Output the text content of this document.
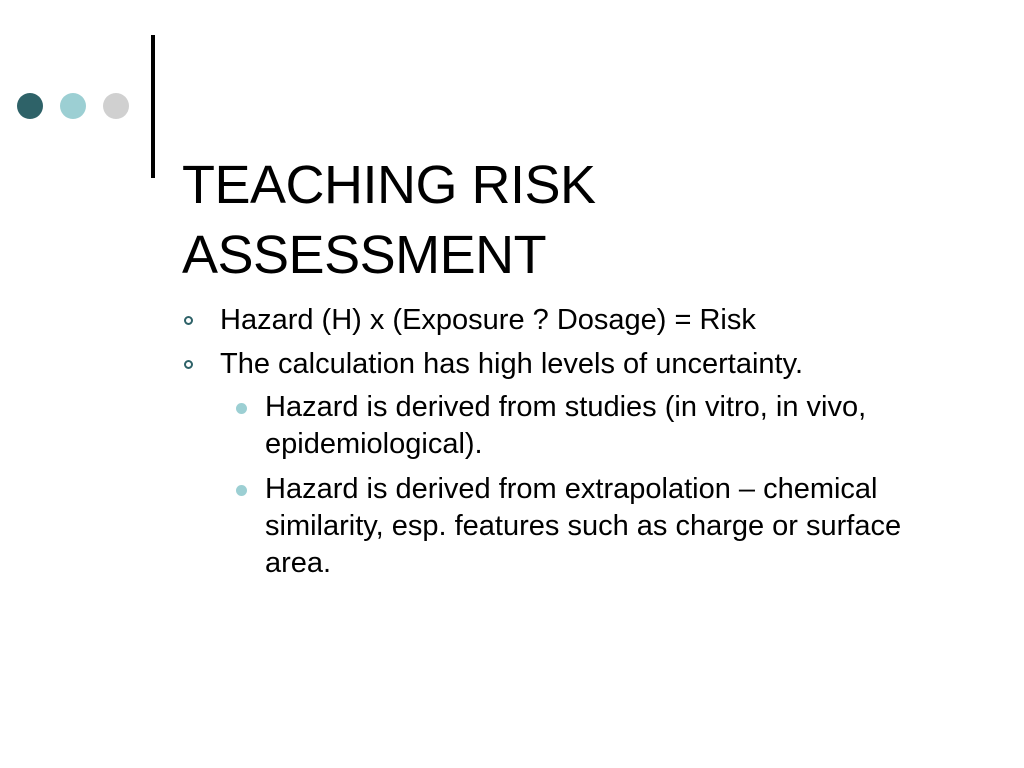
TEACHING RISK
ASSESSMENT
Hazard (H) x (Exposure ? Dosage) = Risk
The calculation has high levels of uncertainty.
Hazard is derived from studies (in vitro, in vivo, epidemiological).
Hazard is derived from extrapolation – chemical similarity, esp. features such as charge or surface area.
